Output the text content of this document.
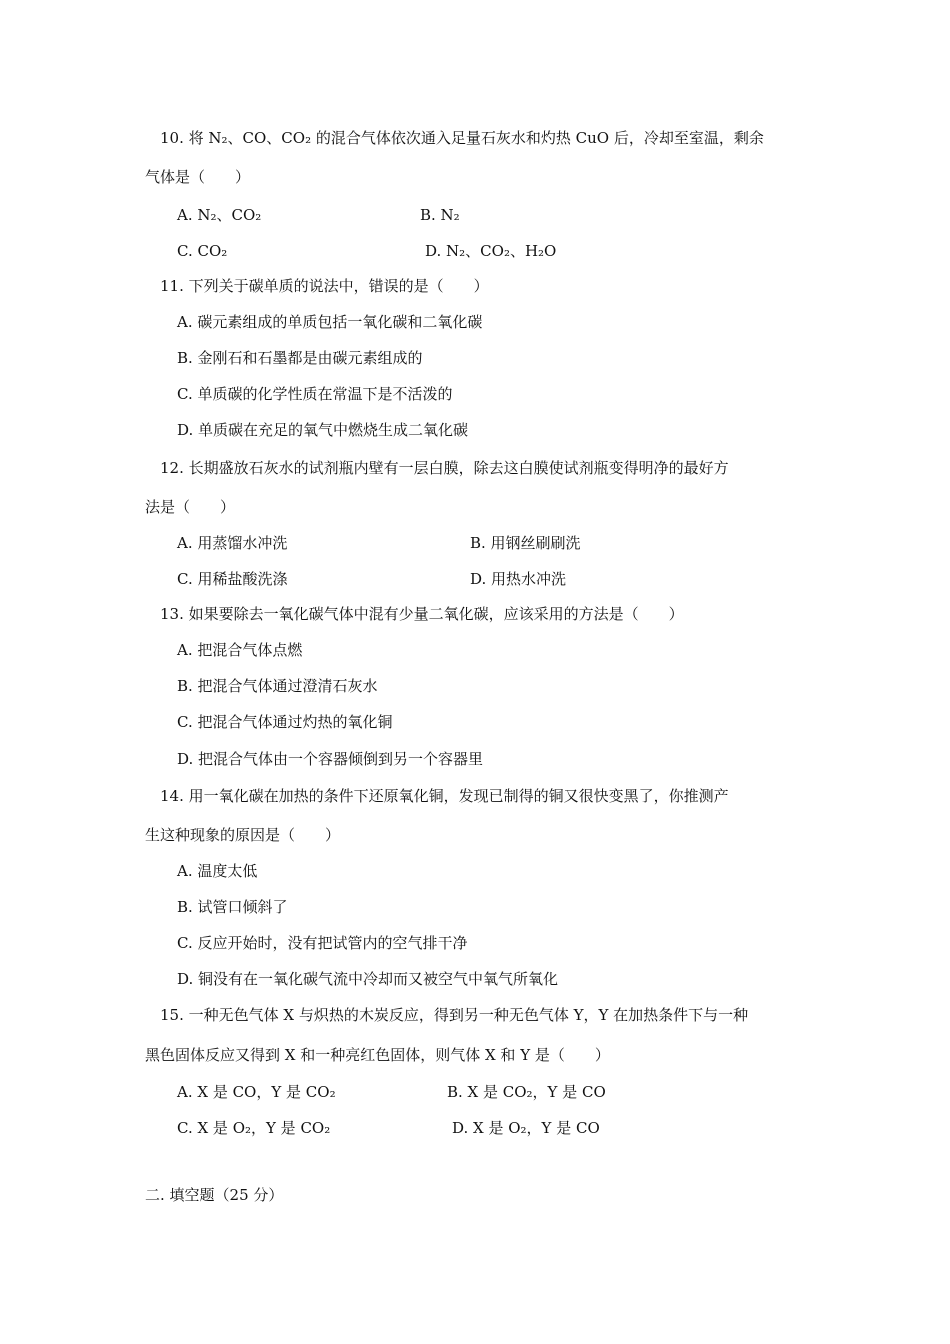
10. 将 N₂、CO、CO₂ 的混合气体依次通入足量石灰水和灼热 CuO 后，冷却至室温，剩余
气体是（　　）
A. N₂、CO₂	B. N₂
C. CO₂	D. N₂、CO₂、H₂O
11. 下列关于碳单质的说法中，错误的是（　　）
A. 碳元素组成的单质包括一氧化碳和二氧化碳
B. 金刚石和石墨都是由碳元素组成的
C. 单质碳的化学性质在常温下是不活泼的
D. 单质碳在充足的氧气中燃烧生成二氧化碳
12. 长期盛放石灰水的试剂瓶内壁有一层白膜，除去这白膜使试剂瓶变得明净的最好方
法是（　　）
A. 用蒸馏水冲洗	B. 用钢丝刷刷洗
C. 用稀盐酸洗涤	D. 用热水冲洗
13. 如果要除去一氧化碳气体中混有少量二氧化碳，应该采用的方法是（　　）
A. 把混合气体点燃
B. 把混合气体通过澄清石灰水
C. 把混合气体通过灼热的氧化铜
D. 把混合气体由一个容器倾倒到另一个容器里
14. 用一氧化碳在加热的条件下还原氧化铜，发现已制得的铜又很快变黑了，你推测产
生这种现象的原因是（　　）
A. 温度太低
B. 试管口倾斜了
C. 反应开始时，没有把试管内的空气排干净
D. 铜没有在一氧化碳气流中冷却而又被空气中氧气所氧化
15. 一种无色气体 X 与炽热的木炭反应，得到另一种无色气体 Y，Y 在加热条件下与一种
黑色固体反应又得到 X 和一种亮红色固体，则气体 X 和 Y 是（　　）
A. X 是 CO，Y 是 CO₂	B. X 是 CO₂，Y 是 CO
C. X 是 O₂，Y 是 CO₂	D. X 是 O₂，Y 是 CO
二. 填空题（25 分）
